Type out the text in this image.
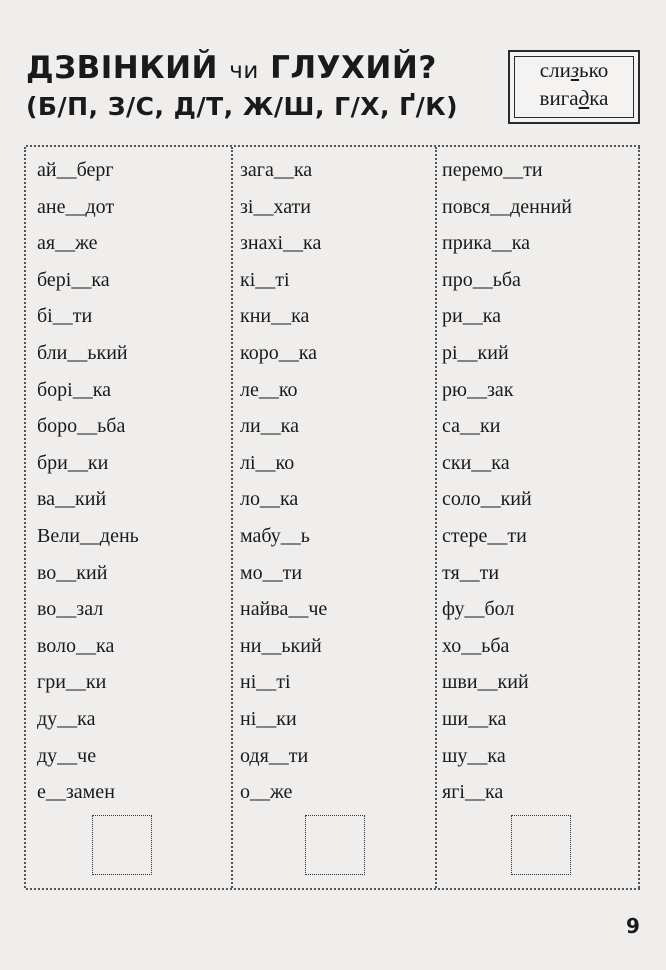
ДЗВІНКИЙ чи ГЛУХИЙ?
(Б/П, З/С, Д/Т, Ж/Ш, Г/Х, Ґ/К)
слизько
вигадка
ай__берг
ане__дот
ая__же
бері__ка
бі__ти
бли__ький
борі__ка
боро__ьба
бри__ки
ва__кий
Вели__день
во__кий
во__зал
воло__ка
гри__ки
ду__ка
ду__че
е__замен
зага__ка
зі__хати
знахі__ка
кі__ті
кни__ка
коро__ка
ле__ко
ли__ка
лі__ко
ло__ка
мабу__ь
мо__ти
найва__че
ни__ький
ні__ті
ні__ки
одя__ти
о__же
перемо__ти
повся__денний
прика__ка
про__ьба
ри__ка
рі__кий
рю__зак
са__ки
ски__ка
соло__кий
стере__ти
тя__ти
фу__бол
хо__ьба
шви__кий
ши__ка
шу__ка
ягі__ка
9
